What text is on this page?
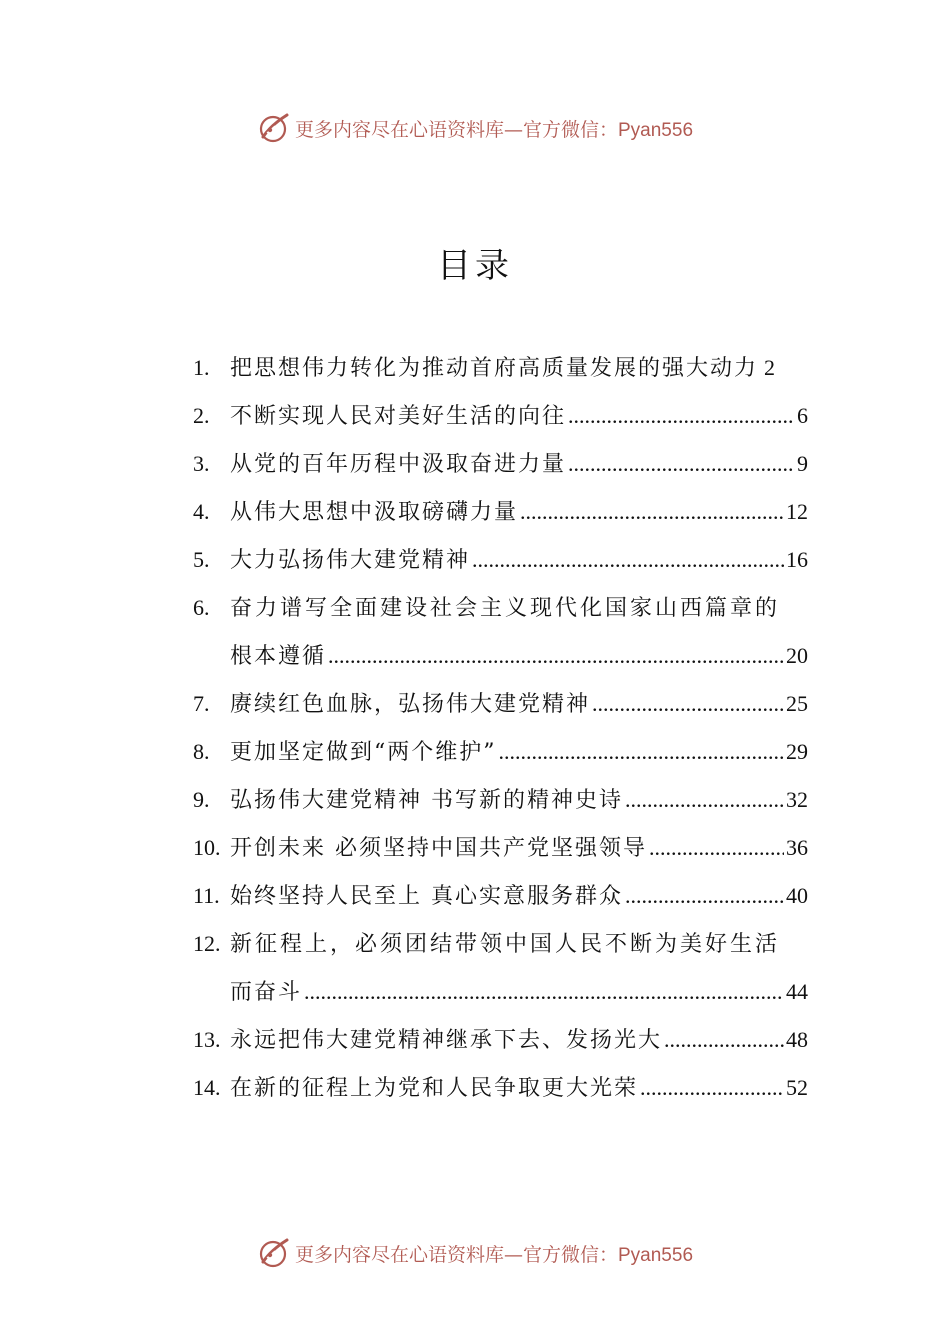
更多内容尽在心语资料库— 官方微信：Pyan556
目录
1. 把思想伟力转化为推动首府高质量发展的强大动力 2
2. 不断实现人民对美好生活的向往 .....	6
3. 从党的百年历程中汲取奋进力量 .....	9
4. 从伟大思想中汲取磅礴力量 .....	12
5. 大力弘扬伟大建党精神 .....	16
6. 奋力谱写全面建设社会主义现代化国家山西篇章的
根本遵循 .....	20
7. 赓续红色血脉，弘扬伟大建党精神 .....	25
8. 更加坚定做到“两个维护” .....	29
9. 弘扬伟大建党精神 书写新的精神史诗 .....	32
10. 开创未来 必须坚持中国共产党坚强领导 .....	36
11. 始终坚持人民至上 真心实意服务群众 .....	40
12. 新征程上，必须团结带领中国人民不断为美好生活
而奋斗 .....	44
13. 永远把伟大建党精神继承下去、发扬光大 .....	48
14. 在新的征程上为党和人民争取更大光荣 .....	52
更多内容尽在心语资料库— 官方微信：Pyan556
